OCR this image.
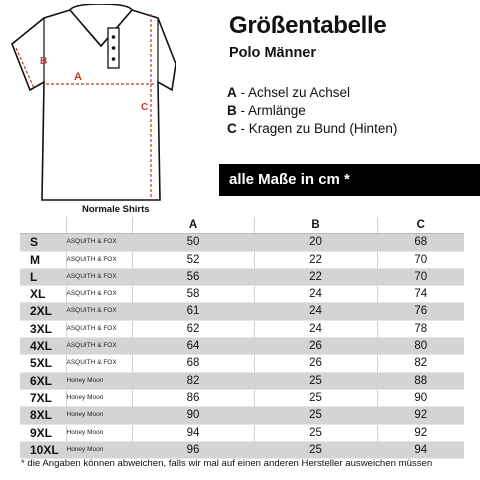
A
B
C
Größentabelle
Polo Männer
A - Achsel zu Achsel
B - Armlänge
C - Kragen zu Bund (Hinten)
alle Maße in cm *
Normale Shirts				
		A	B	C
S	ASQUITH & FOX	50	20	68
M	ASQUITH & FOX	52	22	70
L	ASQUITH & FOX	56	22	70
XL	ASQUITH & FOX	58	24	74
2XL	ASQUITH & FOX	61	24	76
3XL	ASQUITH & FOX	62	24	78
4XL	ASQUITH & FOX	64	26	80
5XL	ASQUITH & FOX	68	26	82
6XL	Honey Moon	82	25	88
7XL	Honey Moon	86	25	90
8XL	Honey Moon	90	25	92
9XL	Honey Moon	94	25	92
10XL	Honey Moon	96	25	94
* die Angaben können abweichen, falls wir mal auf einen anderen Hersteller ausweichen müssen
